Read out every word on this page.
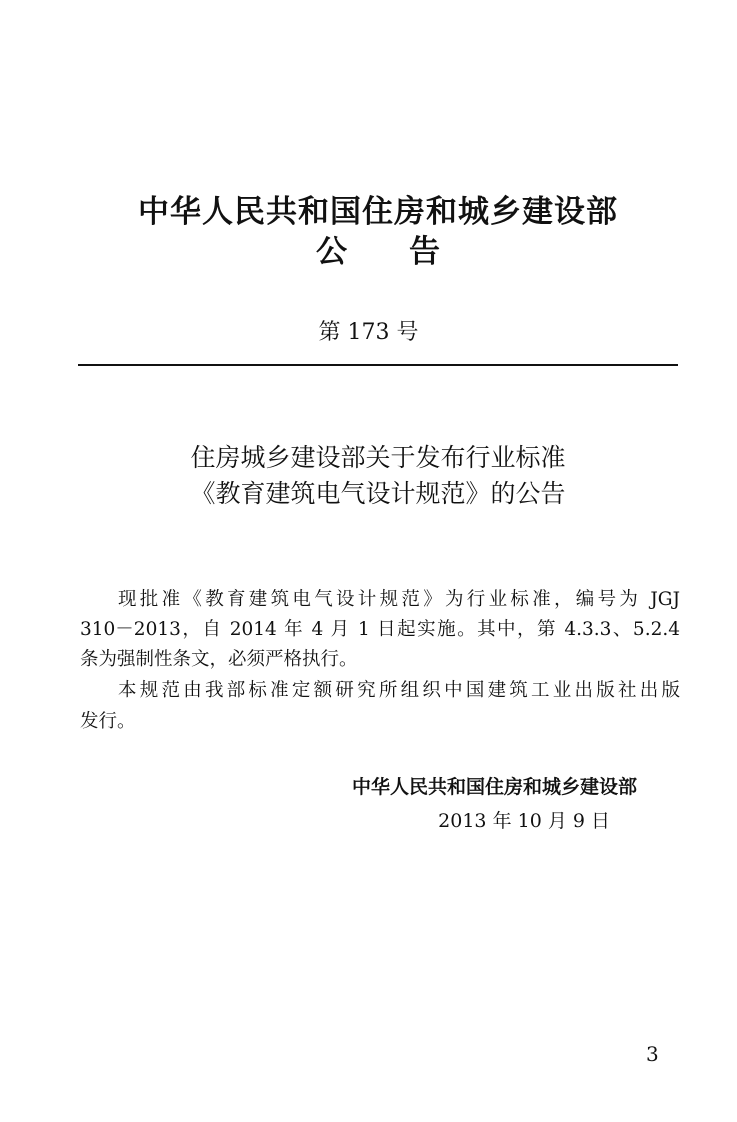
中华人民共和国住房和城乡建设部
公 告
第 173 号
住房城乡建设部关于发布行业标准
《教育建筑电气设计规范》的公告
现批准《教育建筑电气设计规范》为行业标准，编号为 JGJ
310－2013，自 2014 年 4 月 1 日起实施。其中，第 4.3.3、5.2.4
条为强制性条文，必须严格执行。
本规范由我部标准定额研究所组织中国建筑工业出版社出版
发行。
中华人民共和国住房和城乡建设部
2013 年 10 月 9 日
3
